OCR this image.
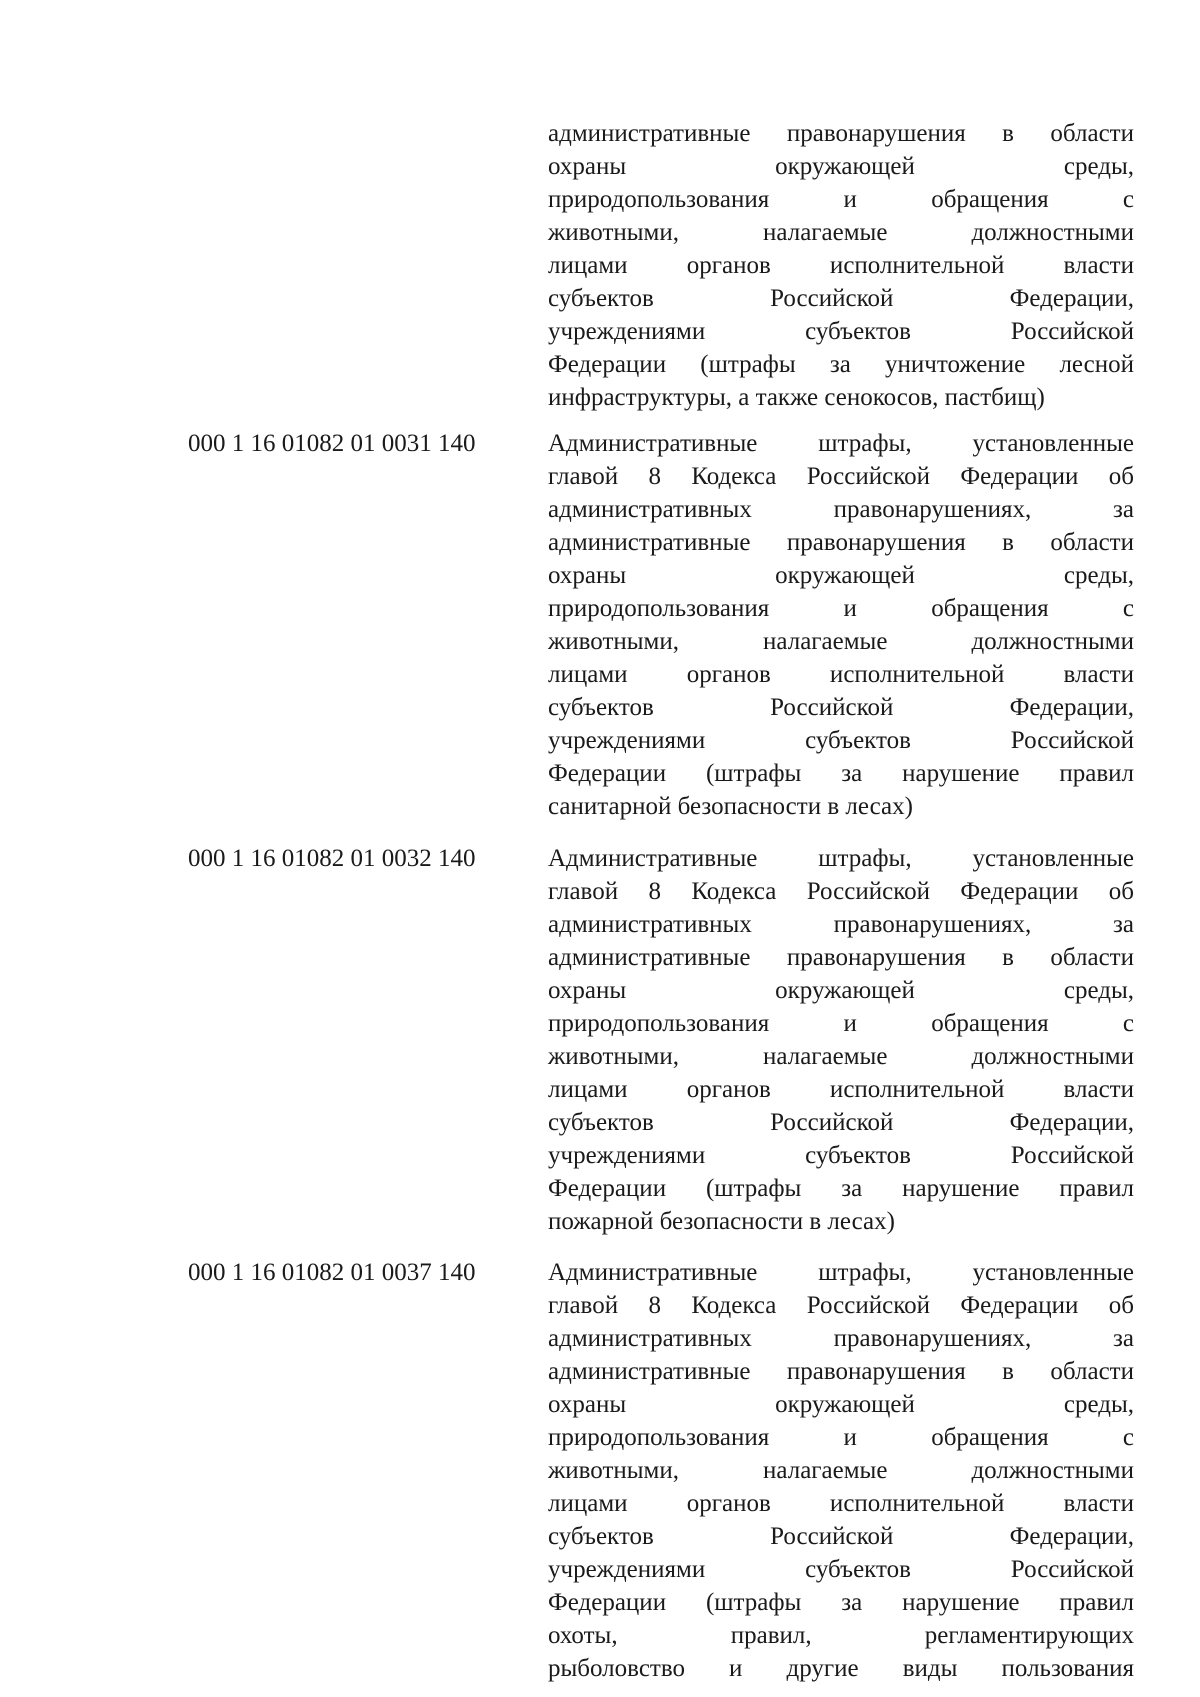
административные правонарушения в области
охраны окружающей среды,
природопользования и обращения с
животными, налагаемые должностными
лицами органов исполнительной власти
субъектов Российской Федерации,
учреждениями субъектов Российской
Федерации (штрафы за уничтожение лесной
инфраструктуры, а также сенокосов, пастбищ)
000 1 16 01082 01 0031 140	Административные штрафы, установленные
главой 8 Кодекса Российской Федерации об
административных правонарушениях, за
административные правонарушения в области
охраны окружающей среды,
природопользования и обращения с
животными, налагаемые должностными
лицами органов исполнительной власти
субъектов Российской Федерации,
учреждениями субъектов Российской
Федерации (штрафы за нарушение правил
санитарной безопасности в лесах)
000 1 16 01082 01 0032 140	Административные штрафы, установленные
главой 8 Кодекса Российской Федерации об
административных правонарушениях, за
административные правонарушения в области
охраны окружающей среды,
природопользования и обращения с
животными, налагаемые должностными
лицами органов исполнительной власти
субъектов Российской Федерации,
учреждениями субъектов Российской
Федерации (штрафы за нарушение правил
пожарной безопасности в лесах)
000 1 16 01082 01 0037 140	Административные штрафы, установленные
главой 8 Кодекса Российской Федерации об
административных правонарушениях, за
административные правонарушения в области
охраны окружающей среды,
природопользования и обращения с
животными, налагаемые должностными
лицами органов исполнительной власти
субъектов Российской Федерации,
учреждениями субъектов Российской
Федерации (штрафы за нарушение правил
охоты, правил, регламентирующих
рыболовство и другие виды пользования
